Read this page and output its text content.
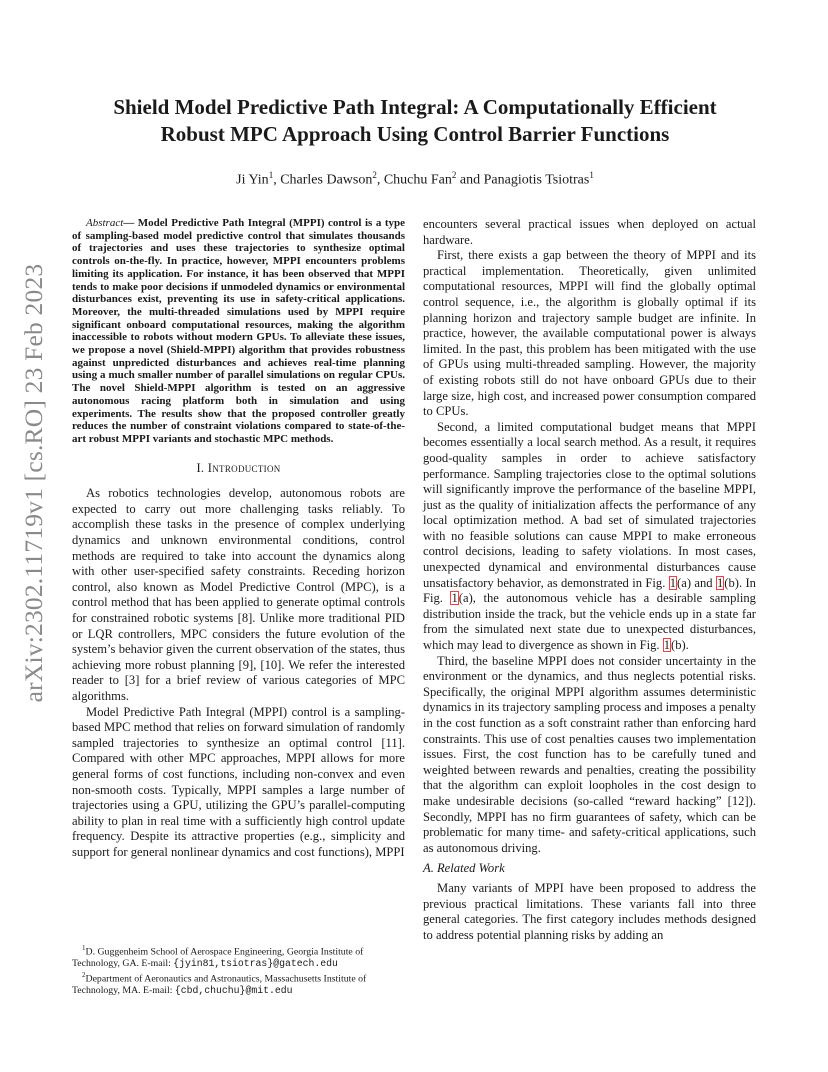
arXiv:2302.11719v1 [cs.RO] 23 Feb 2023
Shield Model Predictive Path Integral: A Computationally Efficient
Robust MPC Approach Using Control Barrier Functions

Ji Yin$^1$, Charles Dawson$^2$, Chuchu Fan$^2$ and Panagiotis Tsiotras$^1$

Abstract— Model Predictive Path Integral (MPPI) control is a type of sampling-based model predictive control that simulates thousands of trajectories and uses these trajectories to synthesize optimal controls on-the-fly. In practice, however, MPPI encounters problems limiting its application. For instance, it has been observed that MPPI tends to make poor decisions if unmodeled dynamics or environmental disturbances exist, preventing its use in safety-critical applications. Moreover, the multi-threaded simulations used by MPPI require significant onboard computational resources, making the algorithm inaccessible to robots without modern GPUs. To alleviate these issues, we propose a novel (Shield-MPPI) algorithm that provides robustness against unpredicted disturbances and achieves real-time planning using a much smaller number of parallel simulations on regular CPUs. The novel Shield-MPPI algorithm is tested on an aggressive autonomous racing platform both in simulation and using experiments. The results show that the proposed controller greatly reduces the number of constraint violations compared to state-of-the-art robust MPPI variants and stochastic MPC methods.

I. Introduction

As robotics technologies develop, autonomous robots are expected to carry out more challenging tasks reliably. To accomplish these tasks in the presence of complex underlying dynamics and unknown environmental conditions, control methods are required to take into account the dynamics along with other user-specified safety constraints. Receding horizon control, also known as Model Predictive Control (MPC), is a control method that has been applied to generate optimal controls for constrained robotic systems [8]. Unlike more traditional PID or LQR controllers, MPC considers the future evolution of the system’s behavior given the current observation of the states, thus achieving more robust planning [9], [10]. We refer the interested reader to [3] for a brief review of various categories of MPC algorithms.

Model Predictive Path Integral (MPPI) control is a sampling-based MPC method that relies on forward simulation of randomly sampled trajectories to synthesize an optimal control [11]. Compared with other MPC approaches, MPPI allows for more general forms of cost functions, including non-convex and even non-smooth costs. Typically, MPPI samples a large number of trajectories using a GPU, utilizing the GPU’s parallel-computing ability to plan in real time with a sufficiently high control update frequency. Despite its attractive properties (e.g., simplicity and support for general nonlinear dynamics and cost functions), MPPI

$^1$D. Guggenheim School of Aerospace Engineering, Georgia Institute of Technology, GA. E-mail: {jyin81,tsiotras}@gatech.edu

$^2$Department of Aeronautics and Astronautics, Massachusetts Institute of Technology, MA. E-mail: {cbd,chuchu}@mit.edu

encounters several practical issues when deployed on actual hardware.

First, there exists a gap between the theory of MPPI and its practical implementation. Theoretically, given unlimited computational resources, MPPI will find the globally optimal control sequence, i.e., the algorithm is globally optimal if its planning horizon and trajectory sample budget are infinite. In practice, however, the available computational power is always limited. In the past, this problem has been mitigated with the use of GPUs using multi-threaded sampling. However, the majority of existing robots still do not have onboard GPUs due to their large size, high cost, and increased power consumption compared to CPUs.

Second, a limited computational budget means that MPPI becomes essentially a local search method. As a result, it requires good-quality samples in order to achieve satisfactory performance. Sampling trajectories close to the optimal solutions will significantly improve the performance of the baseline MPPI, just as the quality of initialization affects the performance of any local optimization method. A bad set of simulated trajectories with no feasible solutions can cause MPPI to make erroneous control decisions, leading to safety violations. In most cases, unexpected dynamical and environmental disturbances cause unsatisfactory behavior, as demonstrated in Fig. 1(a) and 1(b). In Fig. 1(a), the autonomous vehicle has a desirable sampling distribution inside the track, but the vehicle ends up in a state far from the simulated next state due to unexpected disturbances, which may lead to divergence as shown in Fig. 1(b).

Third, the baseline MPPI does not consider uncertainty in the environment or the dynamics, and thus neglects potential risks. Specifically, the original MPPI algorithm assumes deterministic dynamics in its trajectory sampling process and imposes a penalty in the cost function as a soft constraint rather than enforcing hard constraints. This use of cost penalties causes two implementation issues. First, the cost function has to be carefully tuned and weighted between rewards and penalties, creating the possibility that the algorithm can exploit loopholes in the cost design to make undesirable decisions (so-called “reward hacking” [12]). Secondly, MPPI has no firm guarantees of safety, which can be problematic for many time- and safety-critical applications, such as autonomous driving.

A. Related Work

Many variants of MPPI have been proposed to address the previous practical limitations. These variants fall into three general categories. The first category includes methods designed to address potential planning risks by adding an
